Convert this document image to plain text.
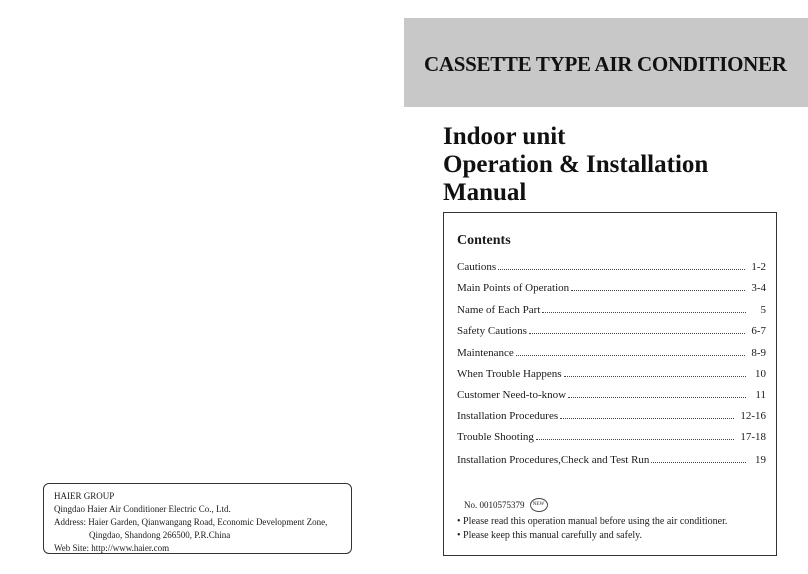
CASSETTE TYPE AIR CONDITIONER
Indoor unit
Operation & Installation
Manual
Contents
Cautions	1-2
Main Points of Operation	3-4
Name of Each Part	5
Safety Cautions	6-7
Maintenance	8-9
When Trouble Happens	10
Customer Need-to-know	11
Installation Procedures	12-16
Trouble Shooting	17-18
Installation Procedures,Check and Test Run	19
No. 0010575379	NEW
• Please read this operation manual before using the air conditioner.
• Please keep this manual carefully and safely.
HAIER GROUP
Qingdao Haier Air Conditioner Electric Co., Ltd.
Address: Haier Garden, Qianwangang Road, Economic Development Zone,
Qingdao, Shandong 266500, P.R.China
Web Site: http://www.haier.com
